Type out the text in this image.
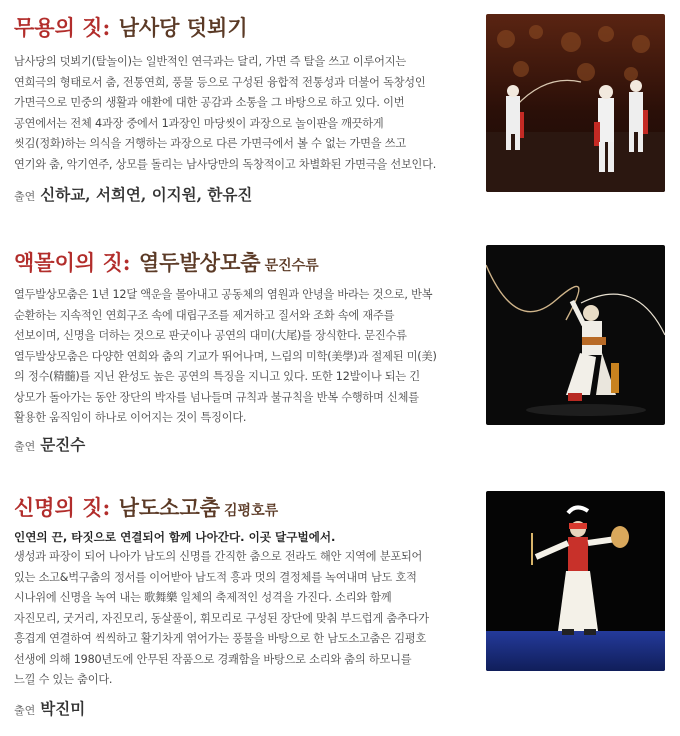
무용의 짓: 남사당 덧뵈기
남사당의 덧뵈기(탈놀이)는 일반적인 연극과는 달리, 가면 즉 탈을 쓰고 이루어지는
연희극의 형태로서 춤, 전통연희, 풍물 등으로 구성된 융합적 전통성과 더불어 독창성인
가면극으로 민중의 생활과 애환에 대한 공감과 소통을 그 바탕으로 하고 있다. 이번
공연에서는 전체 4과장 중에서 1과장인 마당씻이 과장으로 놀이판을 깨끗하게
씻김(정화)하는 의식을 거행하는 과장으로 다른 가면극에서 볼 수 없는 가면을 쓰고
연기와 춤, 악기연주, 상모를 돌리는 남사당만의 독창적이고 차별화된 가면극을 선보인다.
출연 신하교, 서희연, 이지원, 한유진
액몰이의 짓: 열두발상모춤 문진수류
열두발상모춤은 1년 12달 액운을 몰아내고 공동체의 염원과 안녕을 바라는 것으로, 반복
순환하는 지속적인 연희구조 속에 대립구조를 제거하고 질서와 조화 속에 재주를
선보이며, 신명을 더하는 것으로 판굿이나 공연의 대미(大尾)를 장식한다. 문진수류
열두발상모춤은 다양한 연희와 춤의 기교가 뛰어나며, 느림의 미학(美學)과 절제된 미(美)
의 정수(精髓)를 지닌 완성도 높은 공연의 특징을 지니고 있다. 또한 12발이나 되는 긴
상모가 돌아가는 동안 장단의 박자를 넘나들며 규칙과 불규칙을 반복 수행하며 신체를
활용한 움직임이 하나로 이어지는 것이 특징이다.
출연 문진수
신명의 짓: 남도소고춤 김평호류

인연의 끈, 타짓으로 연결되어 함께 나아간다. 이곳 달구벌에서.

생성과 파장이 되어 나아가 남도의 신명를 간직한 춤으로 전라도 해안 지역에 분포되어
있는 소고&벅구춤의 정서를 이어받아 남도적 흥과 멋의 결정체를 녹여내며 남도 호적
시나위에 신명을 녹여 내는 歌舞樂 일체의 축제적인 성격을 가진다. 소리와 함께
자진모리, 굿거리, 자진모리, 동살풀이, 휘모리로 구성된 장단에 맞춰 부드럽게 춤추다가
흥겹게 연결하여 씩씩하고 활기차게 엮어가는 풍물을 바탕으로 한 남도소고춤은 김평호
선생에 의해 1980년도에 안무된 작품으로 경쾌함을 바탕으로 소리와 춤의 하모니를
느낄 수 있는 춤이다.
출연 박진미
